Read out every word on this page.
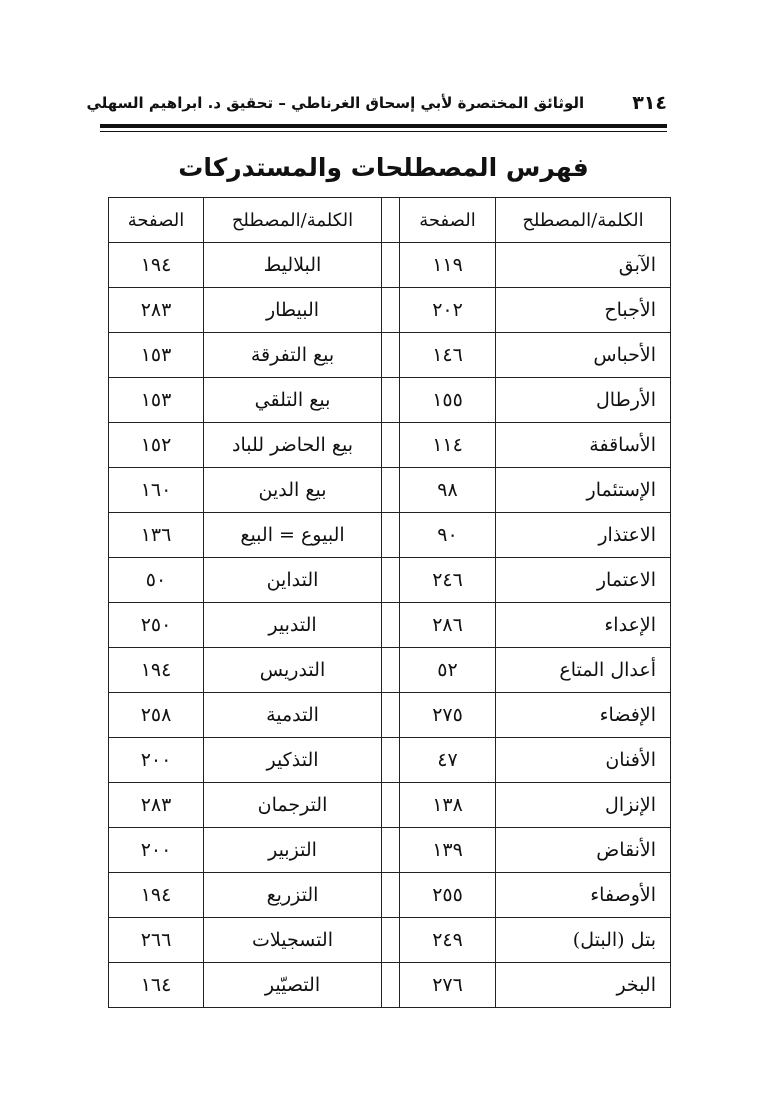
٣١٤
الوثائق المختصرة لأبي إسحاق الغرناطي – تحقيق د. ابراهيم السهلي
فهرس المصطلحات والمستدركات
الكلمة/المصطلح	الصفحة		الكلمة/المصطلح	الصفحة
الآبق	١١٩		البلاليط	١٩٤
الأجباح	٢٠٢		البيطار	٢٨٣
الأحباس	١٤٦		بيع التفرقة	١٥٣
الأرطال	١٥٥		بيع التلقي	١٥٣
الأساقفة	١١٤		بيع الحاضر للباد	١٥٢
الإستئمار	٩٨		بيع الدين	١٦٠
الاعتذار	٩٠		البيوع = البيع	١٣٦
الاعتمار	٢٤٦		التداين	٥٠
الإعداء	٢٨٦		التدبير	٢٥٠
أعدال المتاع	٥٢		التدريس	١٩٤
الإفضاء	٢٧٥		التدمية	٢٥٨
الأفنان	٤٧		التذكير	٢٠٠
الإنزال	١٣٨		الترجمان	٢٨٣
الأنقاض	١٣٩		التزبير	٢٠٠
الأوصفاء	٢٥٥		التزريع	١٩٤
بتل (البتل)	٢٤٩		التسجيلات	٢٦٦
البخر	٢٧٦		التصيّير	١٦٤
